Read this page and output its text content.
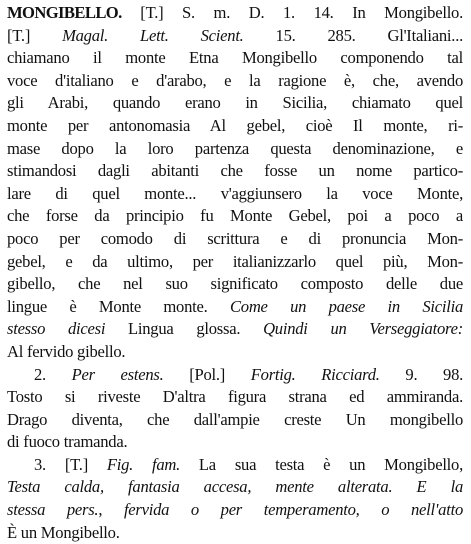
MONGIBELLO. [T.] S. m. D. 1. 14. In Mongibello.
[T.] Magal. Lett. Scient. 15. 285. Gl'Italiani...
chiamano il monte Etna Mongibello componendo tal
voce d'italiano e d'arabo, e la ragione è, che, avendo
gli Arabi, quando erano in Sicilia, chiamato quel
monte per antonomasia Al gebel, cioè Il monte, ri-
mase dopo la loro partenza questa denominazione, e
stimandosi dagli abitanti che fosse un nome partico-
lare di quel monte... v'aggiunsero la voce Monte,
che forse da principio fu Monte Gebel, poi a poco a
poco per comodo di scrittura e di pronuncia Mon-
gebel, e da ultimo, per italianizzarlo quel più, Mon-
gibello, che nel suo significato composto delle due
lingue è Monte monte. Come un paese in Sicilia
stesso dicesi Lingua glossa. Quindi un Verseggiatore:
Al fervido gibello.
2. Per estens. [Pol.] Fortig. Ricciard. 9. 98.
Tosto si riveste D'altra figura strana ed ammiranda.
Drago diventa, che dall'ampie creste Un mongibello
di fuoco tramanda.
3. [T.] Fig. fam. La sua testa è un Mongibello,
Testa calda, fantasia accesa, mente alterata. E la
stessa pers., fervida o per temperamento, o nell'atto
È un Mongibello.
